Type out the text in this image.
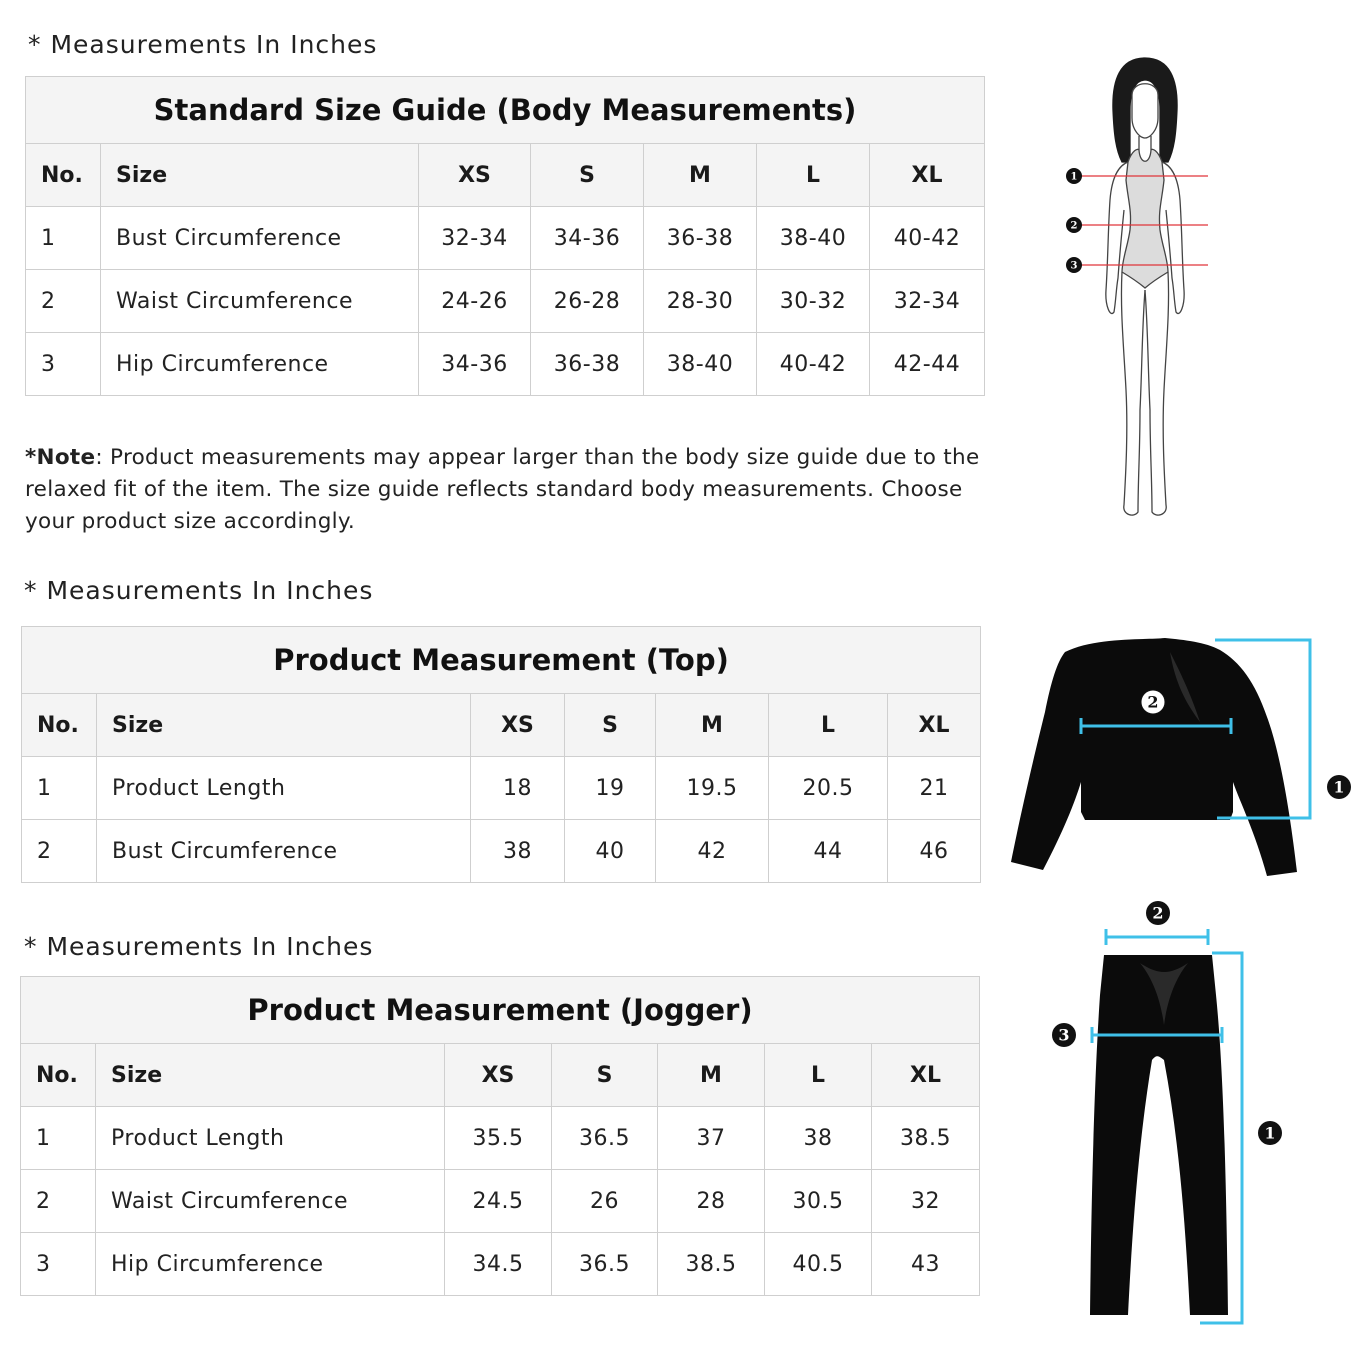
* Measurements In Inches
* Measurements In Inches
* Measurements In Inches
Standard Size Guide (Body Measurements)						
No.	Size	XS	S	M	L	XL
1	Bust Circumference	32-34	34-36	36-38	38-40	40-42
2	Waist Circumference	24-26	26-28	28-30	30-32	32-34
3	Hip Circumference	34-36	36-38	38-40	40-42	42-44
*Note: Product measurements may appear larger than the body size guide due to the
relaxed fit of the item. The size guide reflects standard body measurements. Choose
your product size accordingly.
Product Measurement (Top)						
No.	Size	XS	S	M	L	XL
1	Product Length	18	19	19.5	20.5	21
2	Bust Circumference	38	40	42	44	46
Product Measurement (Jogger)						
No.	Size	XS	S	M	L	XL
1	Product Length	35.5	36.5	37	38	38.5
2	Waist Circumference	24.5	26	28	30.5	32
3	Hip Circumference	34.5	36.5	38.5	40.5	43
1
2
3
1
2
1
2
3
